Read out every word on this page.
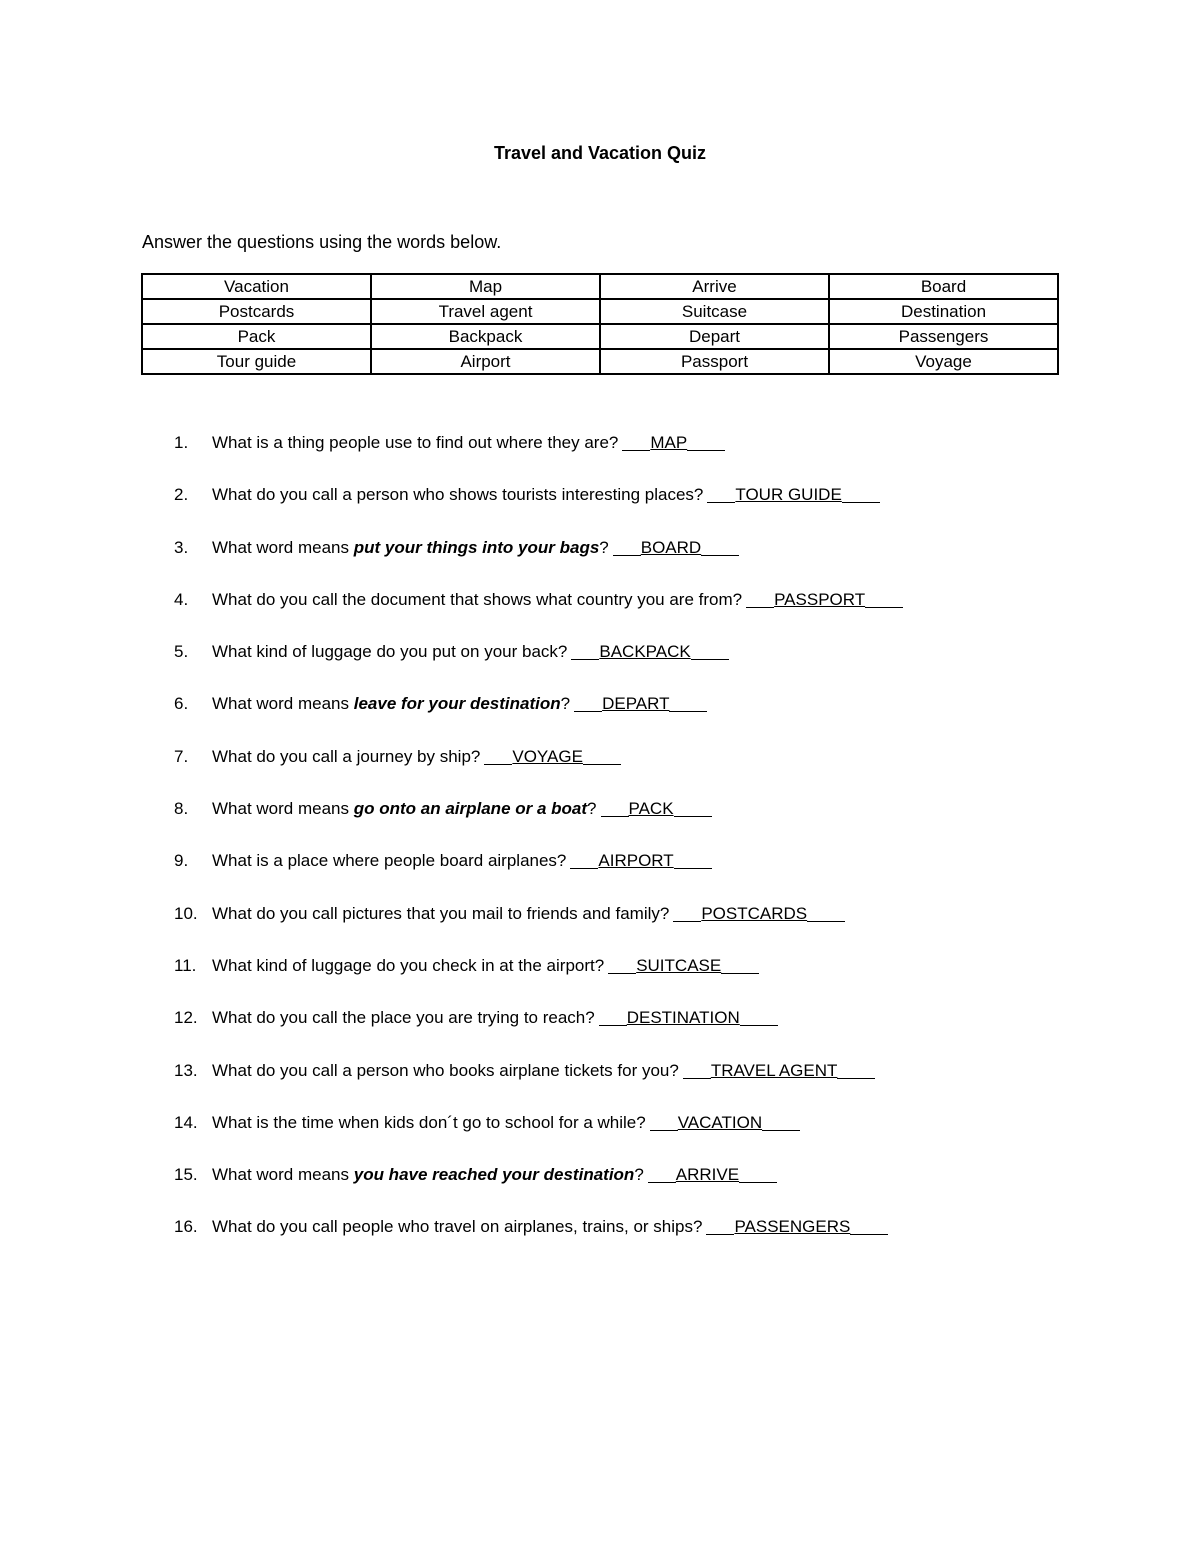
Travel and Vacation Quiz
Answer the questions using the words below.
Vacation	Map	Arrive	Board
Postcards	Travel agent	Suitcase	Destination
Pack	Backpack	Depart	Passengers
Tour guide	Airport	Passport	Voyage
1. What is a thing people use to find out where they are? MAP
2. What do you call a person who shows tourists interesting places? TOUR GUIDE
3. What word means put your things into your bags? BOARD
4. What do you call the document that shows what country you are from? PASSPORT
5. What kind of luggage do you put on your back? BACKPACK
6. What word means leave for your destination? DEPART
7. What do you call a journey by ship? VOYAGE
8. What word means go onto an airplane or a boat? PACK
9. What is a place where people board airplanes? AIRPORT
10. What do you call pictures that you mail to friends and family? POSTCARDS
11. What kind of luggage do you check in at the airport? SUITCASE
12. What do you call the place you are trying to reach? DESTINATION
13. What do you call a person who books airplane tickets for you? TRAVEL AGENT
14. What is the time when kids don´t go to school for a while? VACATION
15. What word means you have reached your destination? ARRIVE
16. What do you call people who travel on airplanes, trains, or ships? PASSENGERS
